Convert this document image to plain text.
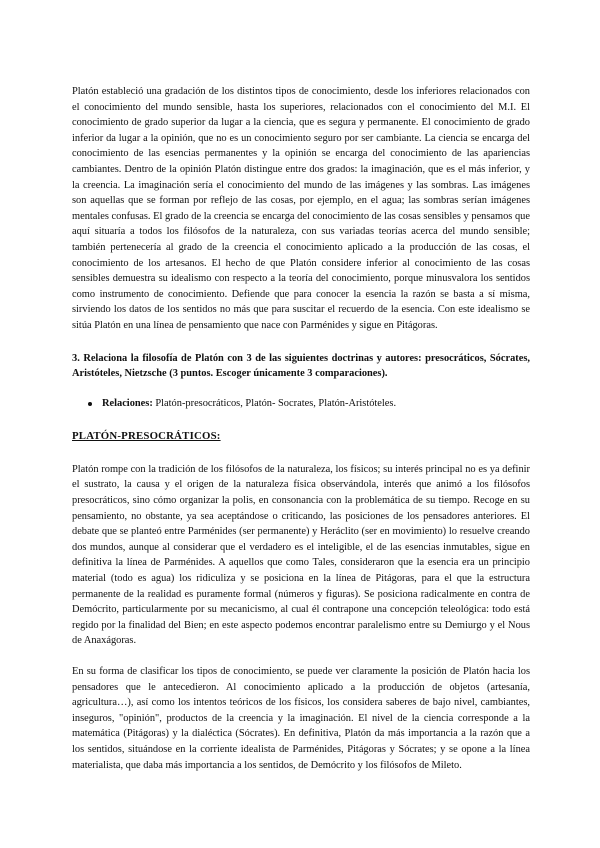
Platón estableció una gradación de los distintos tipos de conocimiento, desde los inferiores relacionados con el conocimiento del mundo sensible, hasta los superiores, relacionados con el conocimiento del M.I. El conocimiento de grado superior da lugar a la ciencia, que es segura y permanente. El conocimiento de grado inferior da lugar a la opinión, que no es un conocimiento seguro por ser cambiante. La ciencia se encarga del conocimiento de las esencias permanentes y la opinión se encarga del conocimiento de las apariencias cambiantes. Dentro de la opinión Platón distingue entre dos grados: la imaginación, que es el más inferior, y la creencia. La imaginación sería el conocimiento del mundo de las imágenes y las sombras. Las imágenes son aquellas que se forman por reflejo de las cosas, por ejemplo, en el agua; las sombras serían imágenes mentales confusas. El grado de la creencia se encarga del conocimiento de las cosas sensibles y pensamos que aquí situaría a todos los filósofos de la naturaleza, con sus variadas teorías acerca del mundo sensible; también pertenecería al grado de la creencia el conocimiento aplicado a la producción de las cosas, el conocimiento de los artesanos. El hecho de que Platón considere inferior al conocimiento de las cosas sensibles demuestra su idealismo con respecto a la teoría del conocimiento, porque minusvalora los sentidos como instrumento de conocimiento. Defiende que para conocer la esencia la razón se basta a sí misma, sirviendo los datos de los sentidos no más que para suscitar el recuerdo de la esencia. Con este idealismo se sitúa Platón en una línea de pensamiento que nace con Parménides y sigue en Pitágoras.

3. Relaciona la filosofía de Platón con 3 de las siguientes doctrinas y autores: presocráticos, Sócrates, Aristóteles, Nietzsche (3 puntos. Escoger únicamente 3 comparaciones).

Relaciones: Platón-presocráticos, Platón- Socrates, Platón-Aristóteles.
PLATÓN-PRESOCRÁTICOS:

Platón rompe con la tradición de los filósofos de la naturaleza, los físicos; su interés principal no es ya definir el sustrato, la causa y el origen de la naturaleza física observándola, interés que animó a los filósofos presocráticos, sino cómo organizar la polis, en consonancia con la problemática de su tiempo. Recoge en su pensamiento, no obstante, ya sea aceptándose o criticando, las posiciones de los pensadores anteriores. El debate que se planteó entre Parménides (ser permanente) y Heráclito (ser en movimiento) lo resuelve creando dos mundos, aunque al considerar que el verdadero es el inteligible, el de las esencias inmutables, sigue en definitiva la línea de Parménides. A aquellos que como Tales, consideraron que la esencia era un principio material (todo es agua) los ridiculiza y se posiciona en la línea de Pitágoras, para el que la estructura permanente de la realidad es puramente formal (números y figuras). Se posiciona radicalmente en contra de Demócrito, particularmente por su mecanicismo, al cual él contrapone una concepción teleológica: todo está regido por la finalidad del Bien; en este aspecto podemos encontrar paralelismo entre su Demiurgo y el Nous de Anaxágoras.

En su forma de clasificar los tipos de conocimiento, se puede ver claramente la posición de Platón hacia los pensadores que le antecedieron. Al conocimiento aplicado a la producción de objetos (artesanía, agricultura…), así como los intentos teóricos de los físicos, los considera saberes de bajo nivel, cambiantes, inseguros, "opinión", productos de la creencia y la imaginación. El nivel de la ciencia corresponde a la matemática (Pitágoras) y la dialéctica (Sócrates). En definitiva, Platón da más importancia a la razón que a los sentidos, situándose en la corriente idealista de Parménides, Pitágoras y Sócrates; y se opone a la línea materialista, que daba más importancia a los sentidos, de Demócrito y los filósofos de Mileto.
